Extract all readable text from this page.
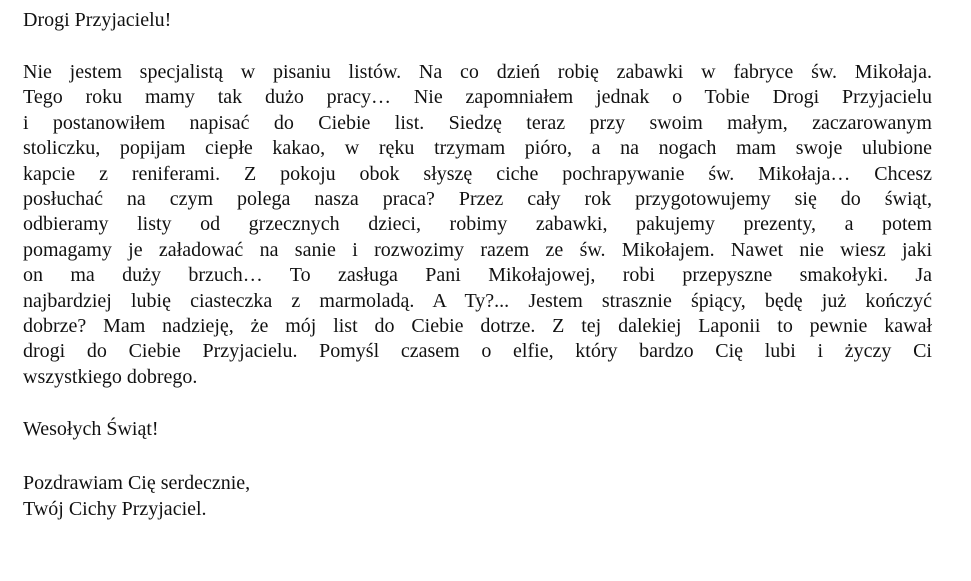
Drogi Przyjacielu!
Nie jestem specjalistą w pisaniu listów. Na co dzień robię zabawki w fabryce św. Mikołaja.
Tego roku mamy tak dużo pracy… Nie zapomniałem jednak o Tobie Drogi Przyjacielu
i postanowiłem napisać do Ciebie list. Siedzę teraz przy swoim małym, zaczarowanym
stoliczku, popijam ciepłe kakao, w ręku trzymam pióro, a na nogach mam swoje ulubione
kapcie z reniferami. Z pokoju obok słyszę ciche pochrapywanie św. Mikołaja… Chcesz
posłuchać na czym polega nasza praca? Przez cały rok przygotowujemy się do świąt,
odbieramy listy od grzecznych dzieci, robimy zabawki, pakujemy prezenty, a potem
pomagamy je załadować na sanie i rozwozimy razem ze św. Mikołajem. Nawet nie wiesz jaki
on ma duży brzuch… To zasługa Pani Mikołajowej, robi przepyszne smakołyki. Ja
najbardziej lubię ciasteczka z marmoladą. A Ty?... Jestem strasznie śpiący, będę już kończyć
dobrze? Mam nadzieję, że mój list do Ciebie dotrze. Z tej dalekiej Laponii to pewnie kawał
drogi do Ciebie Przyjacielu. Pomyśl czasem o elfie, który bardzo Cię lubi i życzy Ci
wszystkiego dobrego.
Wesołych Świąt!
Pozdrawiam Cię serdecznie,
Twój Cichy Przyjaciel.
